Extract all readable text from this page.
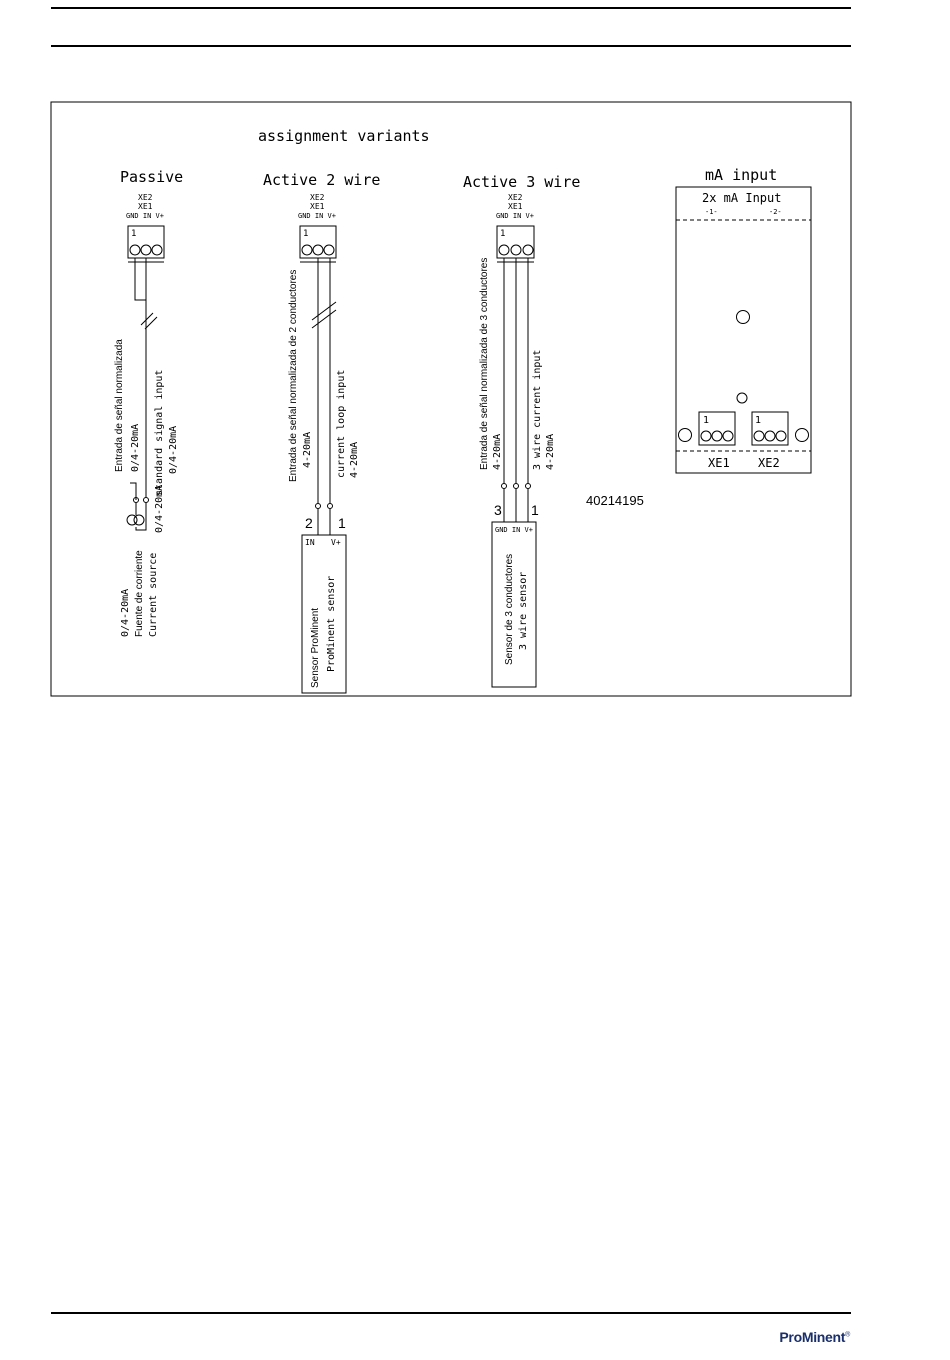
assignment variants
Passive
XE2
XE1
GND IN V+
1
Entrada de señal normalizada 0/4-20mA
0/4-20mA
standard signal input 0/4-20mA
0/4-20mA Fuente de corriente Current source
Active 2 wire
XE2
XE1
GND IN V+
1
Entrada de señal normalizada de 2 conductores 4-20mA current loop input 4-20mA
2 1
IN V+
Sensor ProMinent ProMinent sensor
Active 3 wire
XE2
XE1
GND IN V+
1
Entrada de señal normalizada de 3 conductores 4-20mA	3 wire current input 4-20mA
3 1
GND IN V+
Sensor de 3 conductores 3 wire sensor
40214195
mA input
2x mA Input
-1-	-2-
1	1
XE1 XE2
ProMinent®
